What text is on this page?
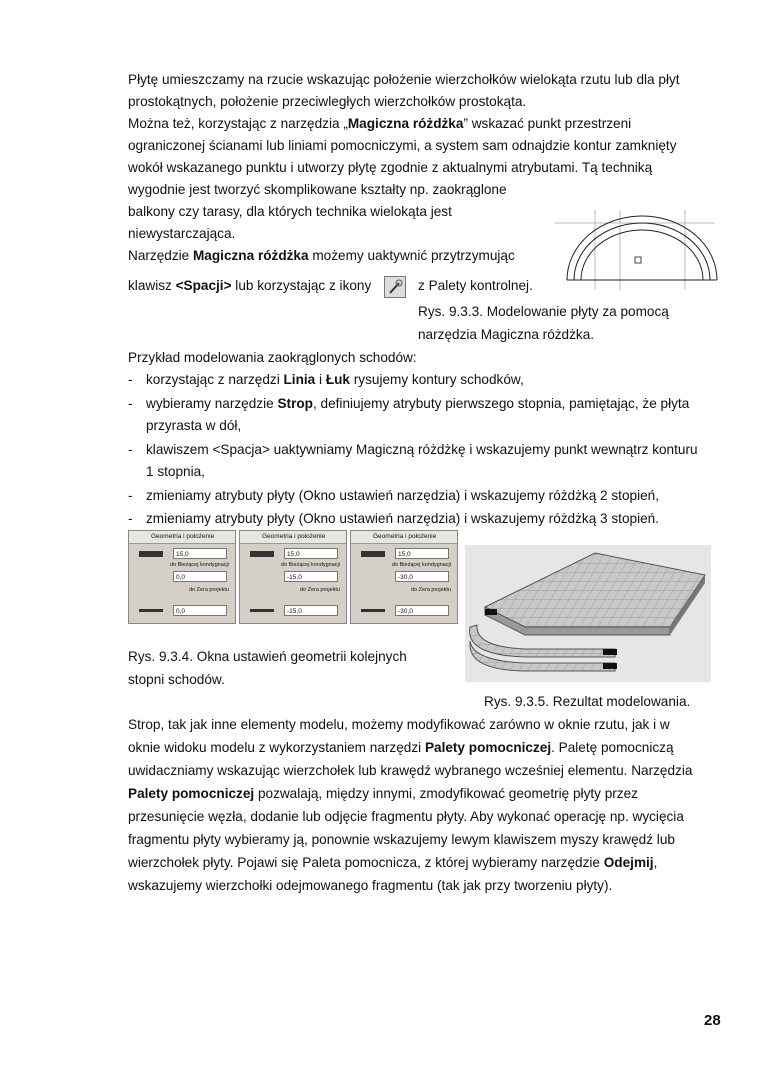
Płytę umieszczamy na rzucie wskazując położenie wierzchołków wielokąta rzutu lub dla płyt
prostokątnych, położenie przeciwległych wierzchołków prostokąta.
Można też, korzystając z narzędzia „Magiczna różdżka” wskazać punkt przestrzeni
ograniczonej ścianami lub liniami pomocniczymi, a system sam odnajdzie kontur zamknięty
wokół wskazanego punktu i utworzy płytę zgodnie z aktualnymi atrybutami. Tą techniką
wygodnie jest tworzyć skomplikowane kształty np. zaokrąglone
balkony czy tarasy, dla których technika wielokąta jest
niewystarczająca.
Narzędzie Magiczna różdżka możemy uaktywnić przytrzymując
klawisz <Spacji> lub korzystając z ikony	z Palety kontrolnej.
Rys. 9.3.3. Modelowanie płyty za pomocą
narzędzia Magiczna różdżka.
Przykład modelowania zaokrąglonych schodów:
- korzystając z narzędzi Linia i Łuk rysujemy kontury schodków,
- wybieramy narzędzie Strop, definiujemy atrybuty pierwszego stopnia, pamiętając, że płyta
przyrasta w dół,
- klawiszem <Spacja> uaktywniamy Magiczną różdżkę i wskazujemy punkt wewnątrz konturu
1 stopnia,
- zmieniamy atrybuty płyty (Okno ustawień narzędzia) i wskazujemy różdżką 2 stopień,
- zmieniamy atrybuty płyty (Okno ustawień narzędzia) i wskazujemy różdżką 3 stopień.
Geometria i położenie
15,0
do Bieżącej kondygnacji
0,0
do Zera projektu
0,0
Geometria i położenie
15,0
do Bieżącej kondygnacji
-15,0
do Zera projektu
-15,0
Geometria i położenie
15,0
do Bieżącej kondygnacji
-30,0
do Zera projektu
-30,0
Rys. 9.3.4. Okna ustawień geometrii kolejnych
stopni schodów.
Rys. 9.3.5. Rezultat modelowania.
Strop, tak jak inne elementy modelu, możemy modyfikować zarówno w oknie rzutu, jak i w
oknie widoku modelu z wykorzystaniem narzędzi Palety pomocniczej. Paletę pomocniczą
uwidaczniamy wskazując wierzchołek lub krawędź wybranego wcześniej elementu. Narzędzia
Palety pomocniczej pozwalają, między innymi, zmodyfikować geometrię płyty przez
przesunięcie węzła, dodanie lub odjęcie fragmentu płyty. Aby wykonać operację np. wycięcia
fragmentu płyty wybieramy ją, ponownie wskazujemy lewym klawiszem myszy krawędź lub
wierzchołek płyty. Pojawi się Paleta pomocnicza, z której wybieramy narzędzie Odejmij,
wskazujemy wierzchołki odejmowanego fragmentu (tak jak przy tworzeniu płyty).
28
